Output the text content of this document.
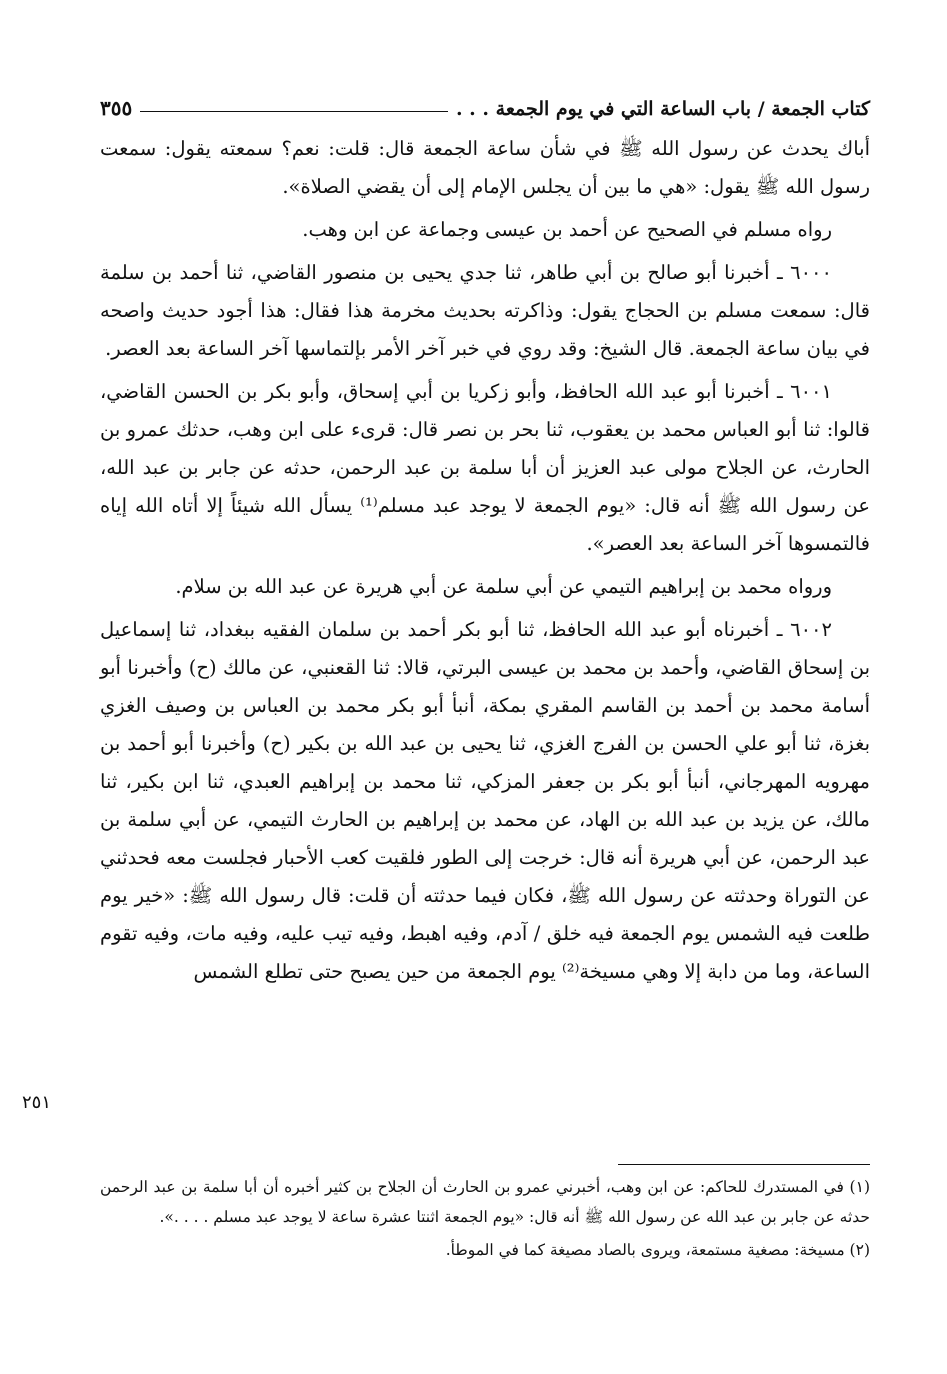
كتاب الجمعة / باب الساعة التي في يوم الجمعة . . .
٣٥٥

أباك يحدث عن رسول الله ﷺ في شأن ساعة الجمعة قال: قلت: نعم؟ سمعته يقول: سمعت رسول الله ﷺ يقول: «هي ما بين أن يجلس الإمام إلى أن يقضي الصلاة».

رواه مسلم في الصحيح عن أحمد بن عيسى وجماعة عن ابن وهب.

٦٠٠٠ ـ أخبرنا أبو صالح بن أبي طاهر، ثنا جدي يحيى بن منصور القاضي، ثنا أحمد بن سلمة قال: سمعت مسلم بن الحجاج يقول: وذاكرته بحديث مخرمة هذا فقال: هذا أجود حديث واصحه في بيان ساعة الجمعة. قال الشيخ: وقد روي في خبر آخر الأمر بإلتماسها آخر الساعة بعد العصر.

٦٠٠١ ـ أخبرنا أبو عبد الله الحافظ، وأبو زكريا بن أبي إسحاق، وأبو بكر بن الحسن القاضي، قالوا: ثنا أبو العباس محمد بن يعقوب، ثنا بحر بن نصر قال: قرىء على ابن وهب، حدثك عمرو بن الحارث، عن الجلاح مولى عبد العزيز أن أبا سلمة بن عبد الرحمن، حدثه عن جابر بن عبد الله، عن رسول الله ﷺ أنه قال: «يوم الجمعة لا يوجد عبد مسلم⁽¹⁾ يسأل الله شيئاً إلا أتاه الله إياه فالتمسوها آخر الساعة بعد العصر».

ورواه محمد بن إبراهيم التيمي عن أبي سلمة عن أبي هريرة عن عبد الله بن سلام.

٦٠٠٢ ـ أخبرناه أبو عبد الله الحافظ، ثنا أبو بكر أحمد بن سلمان الفقيه ببغداد، ثنا إسماعيل بن إسحاق القاضي، وأحمد بن محمد بن عيسى البرتي، قالا: ثنا القعنبي، عن مالك (ح) وأخبرنا أبو أسامة محمد بن أحمد بن القاسم المقري بمكة، أنبأ أبو بكر محمد بن العباس بن وصيف الغزي بغزة، ثنا أبو علي الحسن بن الفرج الغزي، ثنا يحيى بن عبد الله بن بكير (ح) وأخبرنا أبو أحمد بن مهرويه المهرجاني، أنبأ أبو بكر بن جعفر المزكي، ثنا محمد بن إبراهيم العبدي، ثنا ابن بكير، ثنا مالك، عن يزيد بن عبد الله بن الهاد، عن محمد بن إبراهيم بن الحارث التيمي، عن أبي سلمة بن عبد الرحمن، عن أبي هريرة أنه قال: خرجت إلى الطور فلقيت كعب الأحبار فجلست معه فحدثني عن التوراة وحدثته عن رسول الله ﷺ، فكان فيما حدثته أن قلت: قال رسول الله ﷺ: «خير يوم طلعت فيه الشمس يوم الجمعة فيه خلق / آدم، وفيه اهبط، وفيه تيب عليه، وفيه مات، وفيه تقوم الساعة، وما من دابة إلا وهي مسيخة⁽²⁾ يوم الجمعة من حين يصبح حتى تطلع الشمس

٢٥١

(١) في المستدرك للحاكم: عن ابن وهب، أخبرني عمرو بن الحارث أن الجلاح بن كثير أخبره أن أبا سلمة بن عبد الرحمن حدثه عن جابر بن عبد الله عن رسول الله ﷺ أنه قال: «يوم الجمعة اثنتا عشرة ساعة لا يوجد عبد مسلم . . . .».

(٢) مسيخة: مصغية مستمعة، ويروى بالصاد مصيغة كما في الموطأ.
